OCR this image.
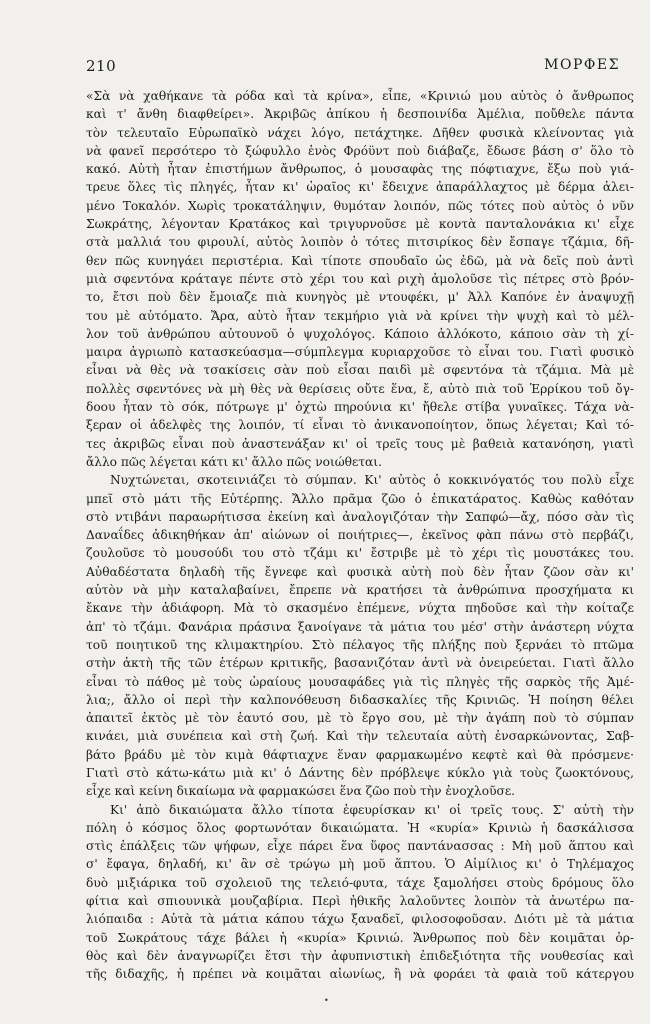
210	ΜΟΡΦΕΣ
«Σὰ νὰ χαθήκανε τὰ ρόδα καὶ τὰ κρίνα», εἶπε, «Κρινιώ μου αὐτὸς ὁ ἄνθρωπος
καὶ τ' ἄνθη διαφθείρει». Ἀκριβῶς ἀπίκου ἡ δεσποινίδα Ἀμέλια, ποὔθελε πάντα
τὸν τελευταῖο Εὐρωπαϊκὸ νάχει λόγο, πετάχτηκε. Δῆθεν φυσικὰ κλείνοντας γιὰ
νὰ φανεῖ περσότερο τὸ ξώφυλλο ἑνὸς Φρόϋντ ποὺ διάβαζε, ἔδωσε βάση σ' ὅλο τὸ
κακό. Αὐτὴ ἦταν ἐπιστήμων ἄνθρωπος, ὁ μουσαφὰς της πόφτιαχνε, ἔξω ποὺ γιά-
τρευε ὅλες τὶς πληγές, ἦταν κι' ὡραῖος κι' ἔδειχνε ἀπαράλλαχτος μὲ δέρμα ἀλει-
μένο Τοκαλόν. Χωρὶς τροκατάληψιν, θυμόταν λοιπόν, πῶς τότες ποὺ αὐτὸς ὁ νῦν
Σωκράτης, λέγονταν Κρατάκος καὶ τριγυρνοῦσε μὲ κοντὰ πανταλονάκια κι' εἶχε
στὰ μαλλιά του φιρουλί, αὐτὸς λοιπὸν ὁ τότες πιτσιρίκος δὲν ἔσπαγε τζάμια, δῆ-
θεν πῶς κυνηγάει περιστέρια. Καὶ τίποτε σπουδαῖο ὡς ἐδῶ, μὰ νὰ δεῖς ποὺ ἀντὶ
μιὰ σφεντόνα κράταγε πέντε στὸ χέρι του καὶ ριχὴ ἀμολοῦσε τὶς πέτρες στὸ βρόν-
το, ἔτσι ποὺ δὲν ἔμοιαζε πιὰ κυνηγὸς μὲ ντουφέκι, μ' Ἀλλ Καπόνε ἐν ἀναψυχῇ
του μὲ αὐτόματο. Ἄρα, αὐτὸ ἦταν τεκμήριο γιὰ νὰ κρίνει τὴν ψυχὴ καὶ τὸ μέλ-
λον τοῦ ἀνθρώπου αὐτουνοῦ ὁ ψυχολόγος. Κάποιο ἀλλόκοτο, κάποιο σὰν τὴ χί-
μαιρα ἀγριωπὸ κατασκεύασμα—σύμπλεγμα κυριαρχοῦσε τὸ εἶναι του. Γιατὶ φυσικὸ
εἶναι νὰ θὲς νὰ τσακίσεις σὰν ποὺ εἶσαι παιδὶ μὲ σφεντόνα τὰ τζάμια. Μὰ μὲ
πολλὲς σφεντόνες νὰ μὴ θὲς νὰ θερίσεις οὔτε ἕνα, ἔ, αὐτὸ πιὰ τοῦ Ἑρρίκου τοῦ ὄγ-
δοου ἦταν τὸ σόκ, πότρωγε μ' ὀχτὼ πηρούνια κι' ἤθελε στίβα γυναῖκες. Τάχα νὰ-
ξεραν οἱ ἀδελφὲς της λοιπόν, τί εἶναι τὸ ἀνικανοποίητον, ὅπως λέγεται; Καὶ τό-
τες ἀκριβῶς εἶναι ποὺ ἀναστενάξαν κι' οἱ τρεῖς τους μὲ βαθειὰ κατανόηση, γιατὶ
ἄλλο πῶς λέγεται κάτι κι' ἄλλο πῶς νοιώθεται.
Νυχτώνεται, σκοτεινιάζει τὸ σύμπαν. Κι' αὐτὸς ὁ κοκκινόγατός του πολὺ εἶχε
μπεῖ στὸ μάτι τῆς Εὐτέρπης. Ἄλλο πρᾶμα ζῶο ὁ ἐπικατάρατος. Καθὼς καθόταν
στὸ ντιβάνι παραωρήτισσα ἐκείνη καὶ ἀναλογιζόταν τὴν Σαπφώ—ἄχ, πόσο σὰν τὶς
Δαναΐδες ἀδικηθήκαν ἀπ' αἰώνων οἱ ποιήτριες—, ἐκεῖνος φὰπ πάνω στὸ περβάζι,
ζουλοῦσε τὸ μουσούδι του στὸ τζάμι κι' ἔστριβε μὲ τὸ χέρι τὶς μουστάκες του.
Αὐθαδέστατα δηλαδὴ τῆς ἔγνεφε καὶ φυσικὰ αὐτὴ ποὺ δὲν ἦταν ζῶον σὰν κι'
αὐτὸν νὰ μὴν καταλαβαίνει, ἔπρεπε νὰ κρατήσει τὰ ἀνθρώπινα προσχήματα κι
ἔκανε τὴν ἀδιάφορη. Μὰ τὸ σκασμένο ἐπέμενε, νύχτα πηδοῦσε καὶ τὴν κοίταζε
ἀπ' τὸ τζάμι. Φανάρια πράσινα ξανοίγανε τὰ μάτια του μέσ' στὴν ἀνάστερη νύχτα
τοῦ ποιητικοῦ της κλιμακτηρίου. Στὸ πέλαγος τῆς πλήξης ποὺ ξερνάει τὸ πτῶμα
στὴν ἀκτὴ τῆς τῶν ἑτέρων κριτικῆς, βασανιζόταν ἀντὶ νὰ ὀνειρεύεται. Γιατὶ ἄλλο
εἶναι τὸ πάθος μὲ τοὺς ὡραίους μουσαφάδες γιὰ τὶς πληγὲς τῆς σαρκὸς τῆς Ἀμέ-
λια;, ἄλλο οἱ περὶ τὴν καλπονόθευση διδασκαλίες τῆς Κρινιῶς. Ἡ ποίηση θέλει
ἀπαιτεῖ ἐκτὸς μὲ τὸν ἑαυτό σου, μὲ τὸ ἔργο σου, μὲ τὴν ἀγάπη ποὺ τὸ σύμπαν
κινάει, μιὰ συνέπεια καὶ στὴ ζωή. Καὶ τὴν τελευταία αὐτὴ ἐνσαρκώνοντας, Σαβ-
βάτο βράδυ μὲ τὸν κιμὰ θάφτιαχνε ἕναν φαρμακωμένο κεφτὲ καὶ θὰ πρόσμενε·
Γιατὶ στὸ κάτω-κάτω μιὰ κι' ὁ Δάντης δὲν πρόβλεψε κύκλο γιὰ τοὺς ζωοκτόνους,
εἶχε καὶ κείνη δικαίωμα νὰ φαρμακώσει ἕνα ζῶο ποὺ τὴν ἐνοχλοῦσε.
Κι' ἀπὸ δικαιώματα ἄλλο τίποτα ἐφευρίσκαν κι' οἱ τρεῖς τους. Σ' αὐτὴ τὴν
πόλη ὁ κόσμος ὅλος φορτωνόταν δικαιώματα. Ἡ «κυρία» Κρινιὼ ἡ δασκάλισσα
στὶς ἐπάλξεις τῶν ψήφων, εἶχε πάρει ἕνα ὕφος παντάνασσας : Μὴ μοῦ ἅπτου καὶ
σ' ἔφαγα, δηλαδή, κι' ἂν σὲ τρώγω μὴ μοῦ ἅπτου. Ὁ Αἰμίλιος κι' ὁ Τηλέμαχος
δυὸ μιξιάρικα τοῦ σχολειοῦ της τελειό-φυτα, τάχε ξαμολήσει στοὺς δρόμους ὅλο
φίτια καὶ σπιουνικὰ μουζαβίρια. Περὶ ἠθικῆς λαλοῦντες λοιπὸν τὰ ἀνωτέρω πα-
λιόπαιδα : Αὐτὰ τὰ μάτια κάπου τάχω ξαναδεῖ, φιλοσοφοῦσαν. Διότι μὲ τὰ μάτια
τοῦ Σωκράτους τάχε βάλει ἡ «κυρία» Κρινιώ. Ἄνθρωπος ποὺ δὲν κοιμᾶται ὀρ-
θὸς καὶ δὲν ἀναγνωρίζει ἔτσι τὴν ἀφυπνιστικὴ ἐπιδεξιότητα τῆς νουθεσίας καὶ
τῆς διδαχῆς, ἡ πρέπει νὰ κοιμᾶται αἰωνίως, ἢ νὰ φοράει τὰ φαιὰ τοῦ κάτεργου
•
